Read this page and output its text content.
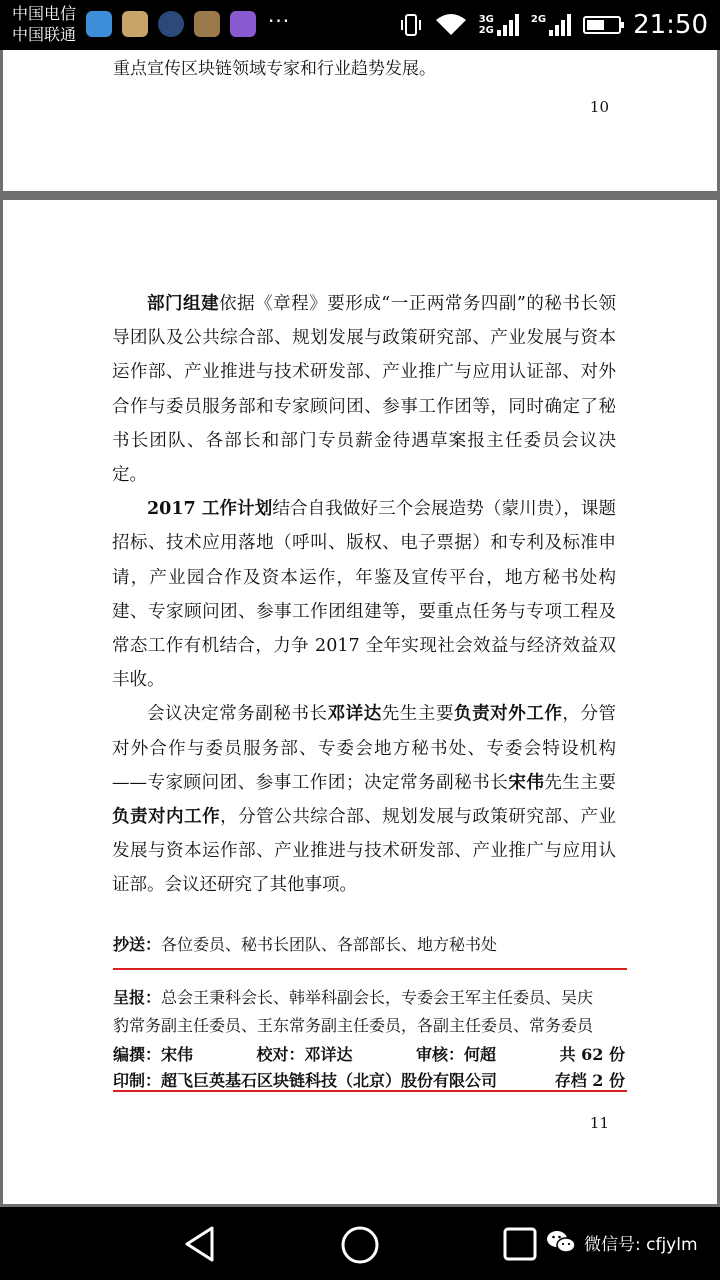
中国电信
中国联通
···	3G
2G
2G	21:50
重点宣传区块链领域专家和行业趋势发展。
10

部门组建依据《章程》要形成“一正两常务四副”的秘书长领导团队及公共综合部、规划发展与政策研究部、产业发展与资本运作部、产业推进与技术研发部、产业推广与应用认证部、对外合作与委员服务部和专家顾问团、参事工作团等，同时确定了秘书长团队、各部长和部门专员薪金待遇草案报主任委员会议决定。

2017 工作计划结合自我做好三个会展造势（蒙川贵），课题招标、技术应用落地（呼叫、版权、电子票据）和专利及标准申请，产业园合作及资本运作，年鉴及宣传平台，地方秘书处构建、专家顾问团、参事工作团组建等，要重点任务与专项工程及常态工作有机结合，力争 2017 全年实现社会效益与经济效益双丰收。

会议决定常务副秘书长邓详达先生主要负责对外工作，分管对外合作与委员服务部、专委会地方秘书处、专委会特设机构——专家顾问团、参事工作团；决定常务副秘书长宋伟先生主要负责对内工作，分管公共综合部、规划发展与政策研究部、产业发展与资本运作部、产业推进与技术研发部、产业推广与应用认证部。会议还研究了其他事项。

抄送：各位委员、秘书长团队、各部部长、地方秘书处
呈报：总会王秉科会长、韩举科副会长，专委会王军主任委员、吴庆
豹常务副主任委员、王东常务副主任委员，各副主任委员、常务委员
编撰：宋伟	校对：邓详达	审核：何超	共 62 份
印制：超飞巨英基石区块链科技（北京）股份有限公司	存档 2 份
11
微信号: cfjylm
